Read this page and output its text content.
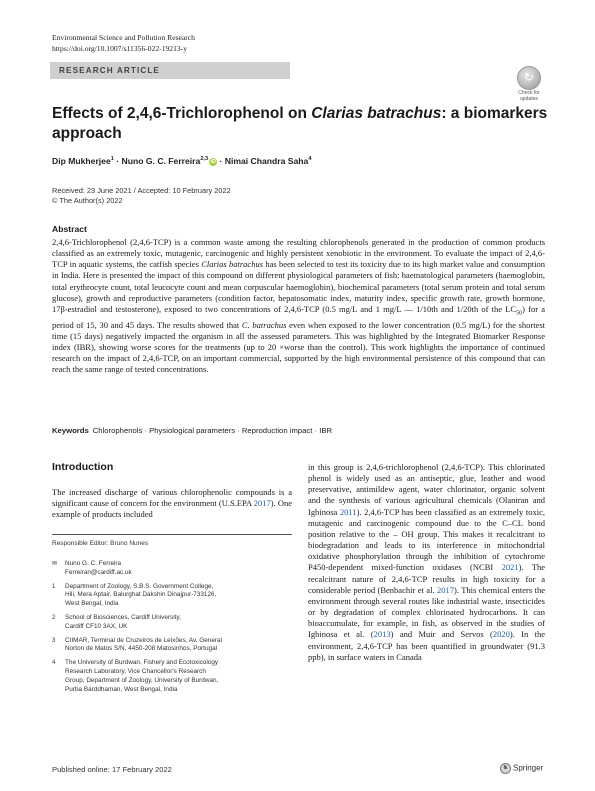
Environmental Science and Pollution Research
https://doi.org/10.1007/s11356-022-19213-y
RESEARCH ARTICLE	↻
Check for
updates
Effects of 2,4,6-Trichlorophenol on Clarias batrachus: a biomarkers approach
Dip Mukherjee$^1$ · Nuno G. C. Ferreira$^{2,3}$ iD · Nimai Chandra Saha$^4$
Received: 23 June 2021 / Accepted: 10 February 2022
© The Author(s) 2022
Abstract
2,4,6-Trichlorophenol (2,4,6-TCP) is a common waste among the resulting chlorophenols generated in the production of common products classified as an extremely toxic, mutagenic, carcinogenic and highly persistent xenobiotic in the environment. To evaluate the impact of 2,4,6-TCP in aquatic systems, the catfish species Clarias batrachus has been selected to test its toxicity due to its high market value and consumption in India. Here is presented the impact of this compound on different physiological parameters of fish: haematological parameters (haemoglobin, total erythrocyte count, total leucocyte count and mean corpuscular haemoglobin), biochemical parameters (total serum protein and total serum glucose), growth and reproductive parameters (condition factor, hepatosomatic index, maturity index, specific growth rate, growth hormone, 17β-estradiol and testosterone), exposed to two concentrations of 2,4,6-TCP (0.5 mg/L and 1 mg/L — 1/10th and 1/20th of the $LC_{50}$) for a period of 15, 30 and 45 days. The results showed that C. batrachus even when exposed to the lower concentration (0.5 mg/L) for the shortest time (15 days) negatively impacted the organism in all the assessed parameters. This was highlighted by the Integrated Biomarker Response index (IBR), showing worse scores for the treatments (up to 20 ×worse than the control). This work highlights the importance of continued research on the impact of 2,4,6-TCP, on an important commercial, supported by the high environmental persistence of this compound that can reach the same range of tested concentrations.
Keywords Chlorophenols · Physiological parameters · Reproduction impact · IBR
Introduction
The increased discharge of various chlorophenolic compounds is a significant cause of concern for the environment (U.S.EPA 2017). One example of products included
Responsible Editor: Bruno Nunes
✉ Nuno G. C. Ferreira
Ferreiran@cardiff.ac.uk
1 Department of Zoology, S.B.S. Government College,
Hili, Mera Aptair, Balurghat Dakshin Dinajpur-733126,
West Bengal, India
2 School of Biosciences, Cardiff University,
Cardiff CF10 3AX, UK
3 CIIMAR, Terminal de Cruzeiros de Leixões, Av. General
Norton de Matos S/N, 4450-208 Matosinhos, Portugal
4 The University of Burdwan, Fishery and Ecotoxicology
Research Laboratory, Vice Chancellor's Research
Group, Department of Zoology, University of Burdwan,
Purba Barddhaman, West Bengal, India
in this group is 2,4,6-trichlorophenol (2,4,6-TCP). This chlorinated phenol is widely used as an antiseptic, glue, leather and wood preservative, antimildew agent, water chlorinator, organic solvent and the synthesis of various agricultural chemicals (Olaniran and Igbinosa 2011). 2,4,6-TCP has been classified as an extremely toxic, mutagenic and carcinogenic compound due to the C–CL bond position relative to the – OH group. This makes it recalcitrant to biodegradation and leads to its interference in mitochondrial oxidative phosphorylation through the inhibition of cytochrome P450-dependent mixed-function oxidases (NCBI 2021). The recalcitrant nature of 2,4,6-TCP results in high toxicity for a considerable period (Benbachir et al. 2017). This chemical enters the environment through several routes like industrial waste, insecticides or by degradation of complex chlorinated hydrocarbons. It can bioaccumulate, for example, in fish, as observed in the studies of Igbinosa et al. (2013) and Muir and Servos (2020). In the environment, 2,4,6-TCP has been quantified in groundwater (91.3 ppb), in surface waters in Canada
Published online: 17 February 2022	♞ Springer
